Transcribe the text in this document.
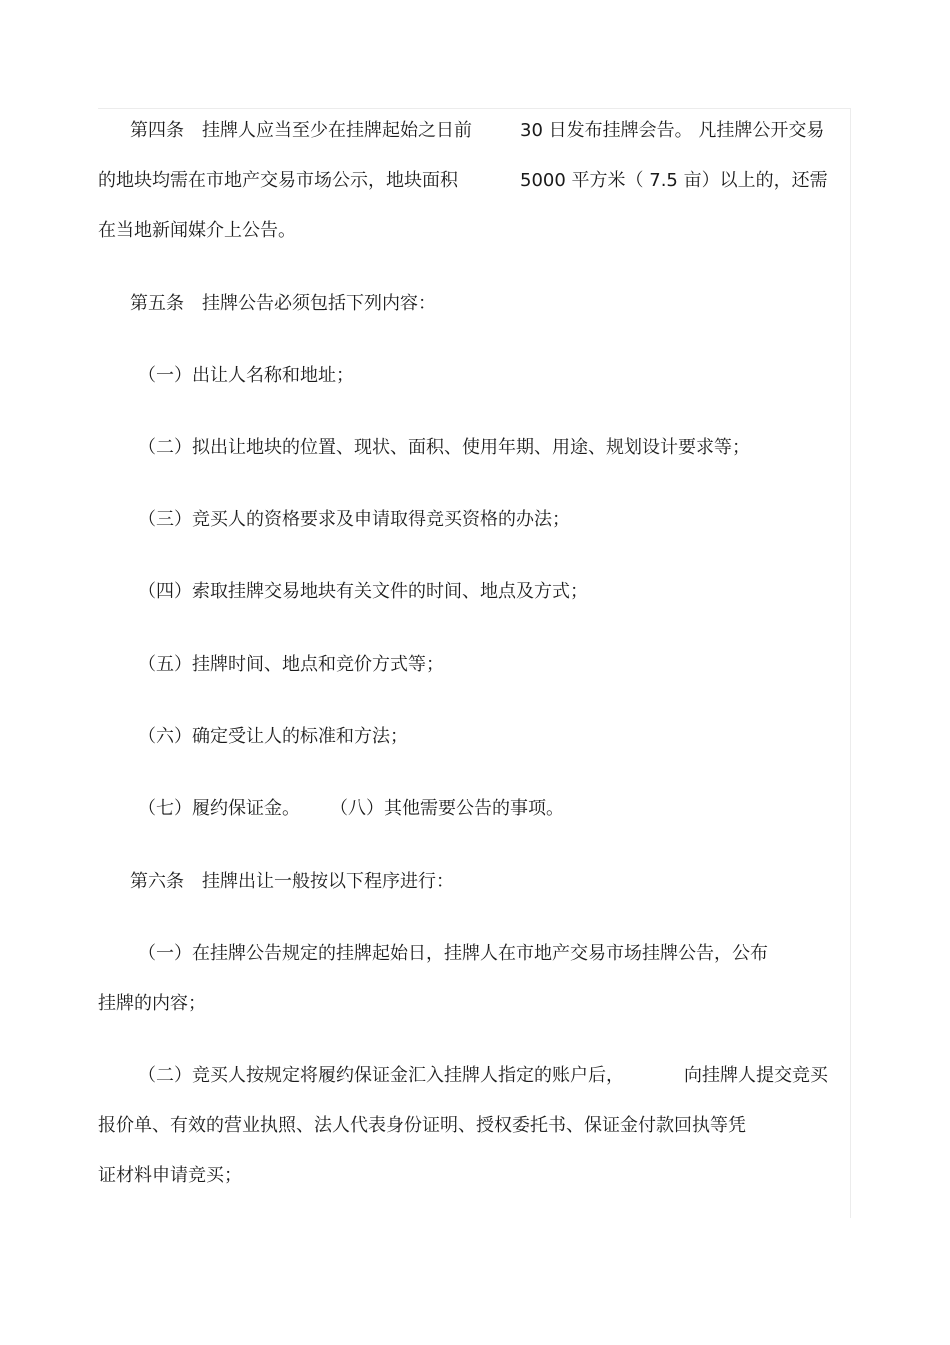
第四条　挂牌人应当至少在挂牌起始之日前	30 日发布挂牌会告。 凡挂牌公开交易
的地块均需在市地产交易市场公示，地块面积	5000 平方米（ 7.5 亩）以上的，还需
在当地新闻媒介上公告。
第五条　挂牌公告必须包括下列内容：
（一）出让人名称和地址；
（二）拟出让地块的位置、现状、面积、使用年期、用途、规划设计要求等；
（三）竞买人的资格要求及申请取得竞买资格的办法；
（四）索取挂牌交易地块有关文件的时间、地点及方式；
（五）挂牌时间、地点和竞价方式等；
（六）确定受让人的标准和方法；
（七）履约保证金。 （八）其他需要公告的事项。
第六条　挂牌出让一般按以下程序进行：
（一）在挂牌公告规定的挂牌起始日，挂牌人在市地产交易市场挂牌公告，公布
挂牌的内容；
（二）竞买人按规定将履约保证金汇入挂牌人指定的账户后，	向挂牌人提交竞买
报价单、有效的营业执照、法人代表身份证明、授权委托书、保证金付款回执等凭
证材料申请竞买；
